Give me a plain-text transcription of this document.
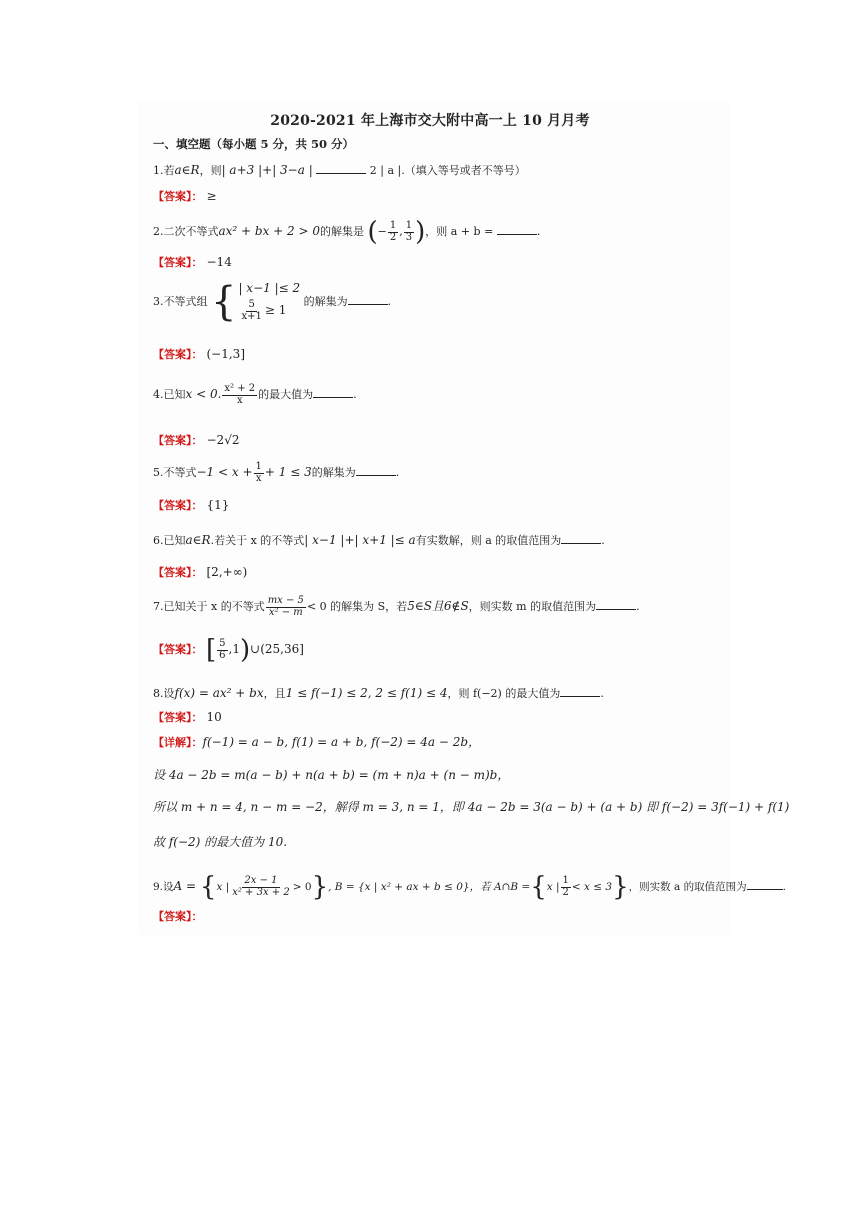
2020-2021 年上海市交大附中高一上 10 月月考
一、填空题（每小题 5 分，共 50 分）
1.若a∈R，则| a+3 |+| 3−a |	2 | a |.（填入等号或者不等号）
【答案】： ≥
2.二次不等式ax² + bx + 2 > 0的解集是 (− $\frac{1}{2}$ , $\frac{1}{3}$ )，则 a + b =	.
【答案】： −14
3.不等式组 { | x−1 |≤ 2
$\frac{5}{x+1} \ge 1$
的解集为	.
【答案】： (−1,3]
4.已知x < 0. $\frac{\text{x² + 2}}{x}$ 的最大值为	.
【答案】： −2√2
5.不等式$-1 < x + \frac{1}{x} + 1 \le 3$的解集为	.
【答案】： {1}
6.已知a∈R.若关于 x 的不等式| x−1 |+| x+1 |≤ a有实数解，则 a 的取值范围为	.
【答案】： [2,+∞)
7.已知关于 x 的不等式 $\frac{mx - 5}{\text{x² − m}} < 0$ 的解集为 S，若5∈S且6∉S，则实数 m 的取值范围为	.
【答案】： [ $\frac{5}{6}$ ,1)∪(25,36]
8.设f(x) = ax² + bx，且1 ≤ f(−1) ≤ 2, 2 ≤ f(1) ≤ 4，则 f(−2) 的最大值为	.
【答案】： 10
【详解】：f(−1) = a − b, f(1) = a + b, f(−2) = 4a − 2b，
设 4a − 2b = m(a − b) + n(a + b) = (m + n)a + (n − m)b，
所以 m + n = 4, n − m = −2，解得 m = 3, n = 1，即 4a − 2b = 3(a − b) + (a + b) 即 f(−2) = 3f(−1) + f(1)
故 f(−2) 的最大值为 10.
9.设A = {x | $\frac{2x - 1}{\text{x² + 3x + 2}} > 0$}, B = {x | x² + ax + b ≤ 0}，若 A∩B ={x | $\frac{1}{2} < x \le 3$}，则实数 a 的取值范围为	.
【答案】：
